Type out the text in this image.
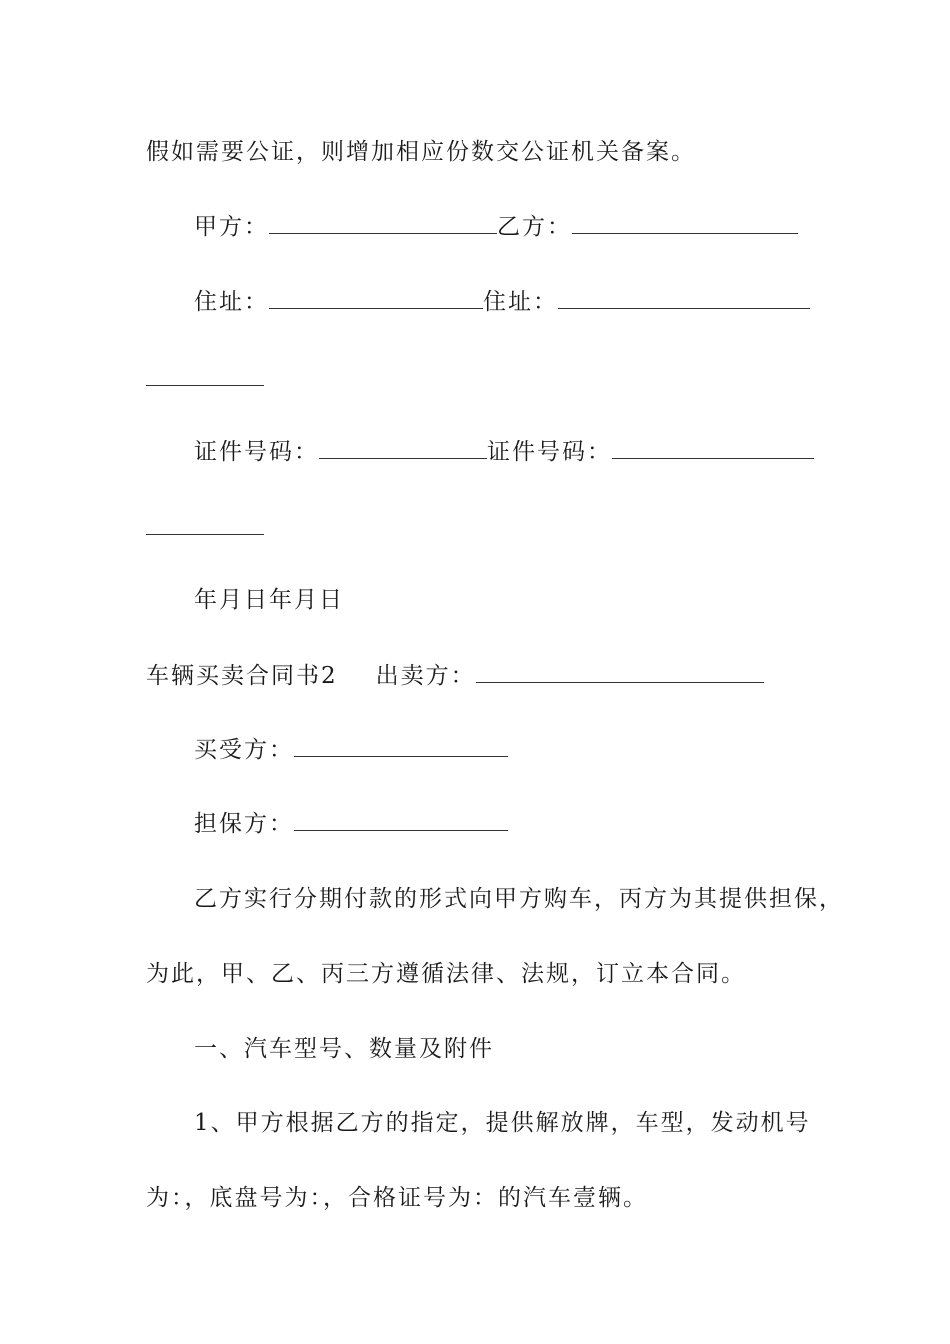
假如需要公证，则增加相应份数交公证机关备案。
甲方：	乙方：
住址：	住址：
证件号码：	证件号码：
年月日年月日
车辆买卖合同书2 出卖方：
买受方：
担保方：
乙方实行分期付款的形式向甲方购车，丙方为其提供担保，
为此，甲、乙、丙三方遵循法律、法规，订立本合同。
一、汽车型号、数量及附件
1、甲方根据乙方的指定，提供解放牌，车型，发动机号
为：，底盘号为：，合格证号为：的汽车壹辆。
